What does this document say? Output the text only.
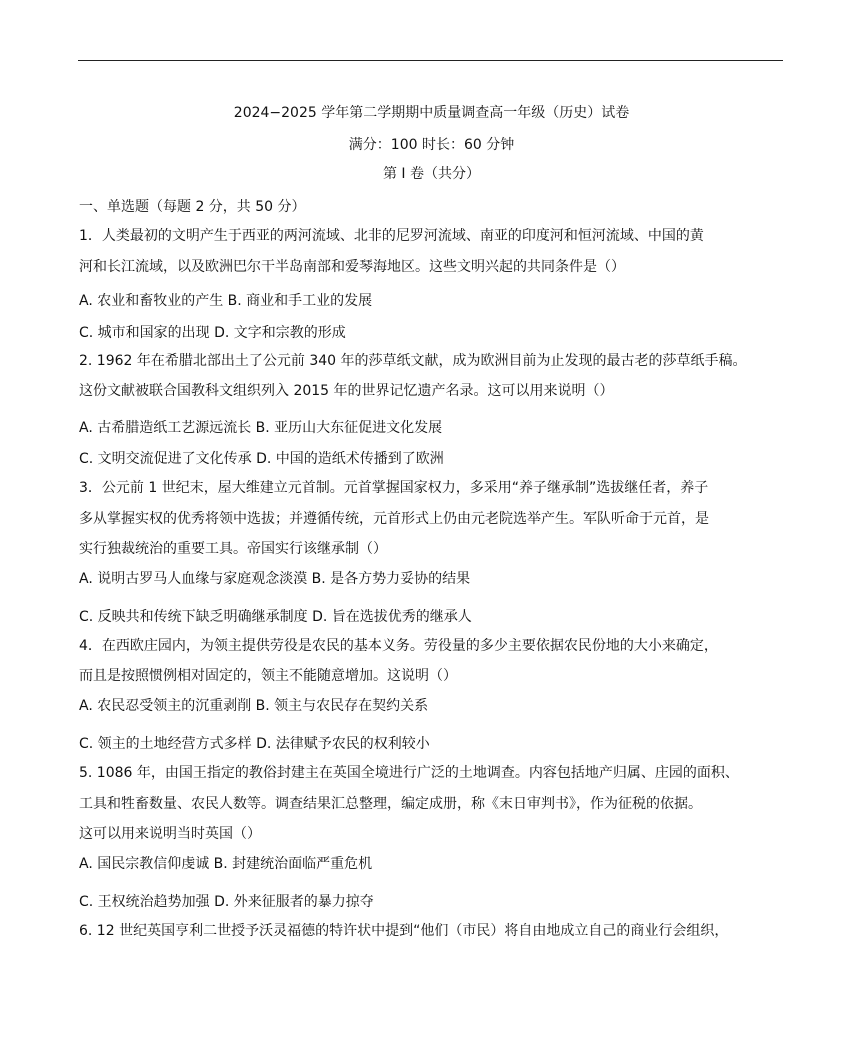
2024−2025 学年第二学期期中质量调查高一年级（历史）试卷
满分：100 时长：60 分钟
第 I 卷（共分）
一、单选题（每题 2 分，共 50 分）
1．人类最初的文明产生于西亚的两河流域、北非的尼罗河流域、南亚的印度河和恒河流域、中国的黄
河和长江流域，以及欧洲巴尔干半岛南部和爱琴海地区。这些文明兴起的共同条件是（）
A. 农业和畜牧业的产生 B. 商业和手工业的发展
C. 城市和国家的出现 D. 文字和宗教的形成
2. 1962 年在希腊北部出土了公元前 340 年的莎草纸文献，成为欧洲目前为止发现的最古老的莎草纸手稿。
这份文献被联合国教科文组织列入 2015 年的世界记忆遗产名录。这可以用来说明（）
A. 古希腊造纸工艺源远流长 B. 亚历山大东征促进文化发展
C. 文明交流促进了文化传承 D. 中国的造纸术传播到了欧洲
3．公元前 1 世纪末，屋大维建立元首制。元首掌握国家权力，多采用“养子继承制”选拔继任者，养子
多从掌握实权的优秀将领中选拔；并遵循传统，元首形式上仍由元老院选举产生。军队听命于元首，是
实行独裁统治的重要工具。帝国实行该继承制（）
A. 说明古罗马人血缘与家庭观念淡漠 B. 是各方势力妥协的结果
C. 反映共和传统下缺乏明确继承制度 D. 旨在选拔优秀的继承人
4．在西欧庄园内，为领主提供劳役是农民的基本义务。劳役量的多少主要依据农民份地的大小来确定，
而且是按照惯例相对固定的，领主不能随意增加。这说明（）
A. 农民忍受领主的沉重剥削 B. 领主与农民存在契约关系
C. 领主的土地经营方式多样 D. 法律赋予农民的权利较小
5. 1086 年，由国王指定的教俗封建主在英国全境进行广泛的土地调查。内容包括地产归属、庄园的面积、
工具和牲畜数量、农民人数等。调查结果汇总整理，编定成册，称《末日审判书》，作为征税的依据。
这可以用来说明当时英国（）
A. 国民宗教信仰虔诚 B. 封建统治面临严重危机
C. 王权统治趋势加强 D. 外来征服者的暴力掠夺
6. 12 世纪英国亨利二世授予沃灵福德的特许状中提到“他们（市民）将自由地成立自己的商业行会组织，
